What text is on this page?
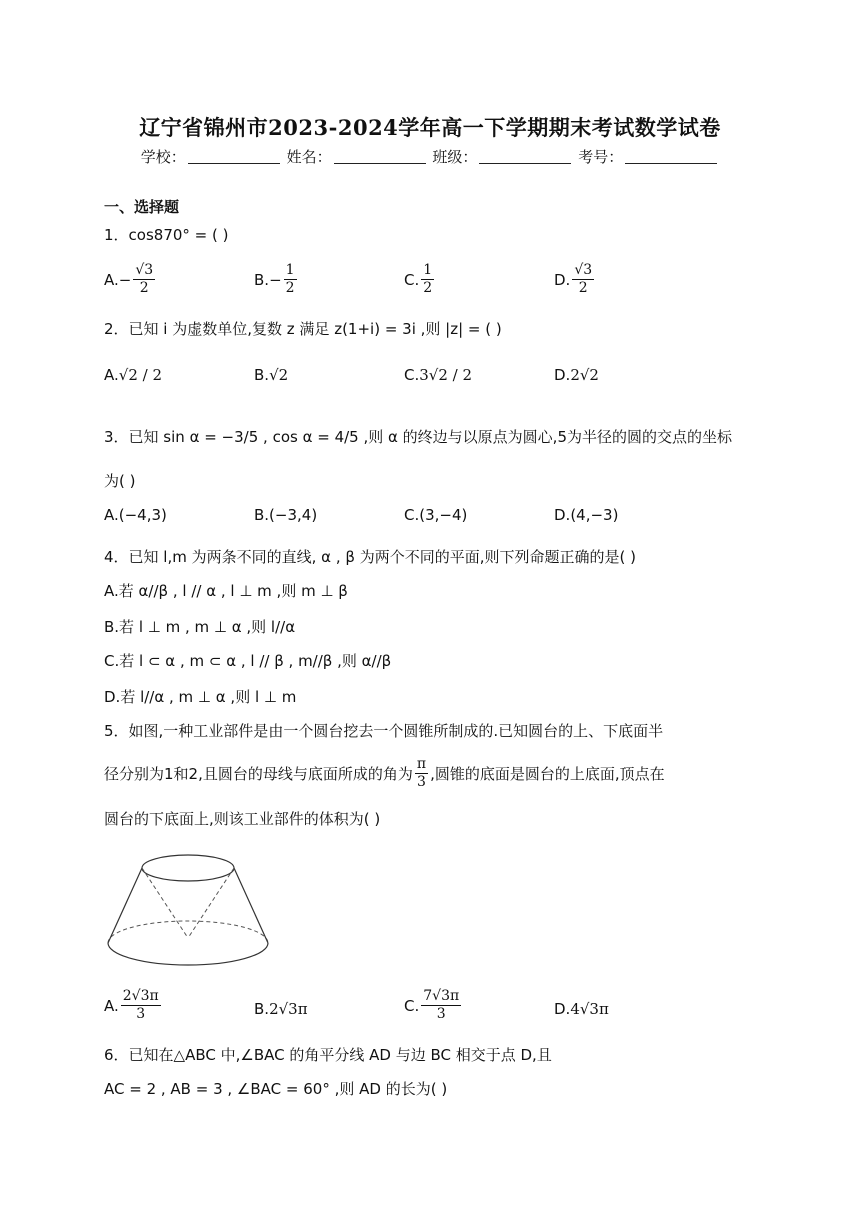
辽宁省锦州市2023-2024学年高一下学期期末考试数学试卷
学校：	姓名：	班级：	考号：
一、选择题
1．cos870° = ( )
A. − $\frac{√3}{2}$	B. − $\frac{1}{2}$	C. $\frac{1}{2}$	D. $\frac{√3}{2}$
2．已知 i 为虚数单位,复数 z 满足 z(1+i) = 3i ,则 |z| = ( )
A. √2 / 2	B. √2	C. 3√2 / 2	D. 2√2
3．已知 sin α = −3/5 , cos α = 4/5 ,则 α 的终边与以原点为圆心,5为半径的圆的交点的坐标
为( )
A.(−4,3)	B.(−3,4)	C.(3,−4)	D.(4,−3)
4．已知 l,m 为两条不同的直线, α , β 为两个不同的平面,则下列命题正确的是( )
A.若 α//β , l // α , l ⊥ m ,则 m ⊥ β
B.若 l ⊥ m , m ⊥ α ,则 l//α
C.若 l ⊂ α , m ⊂ α , l // β , m//β ,则 α//β
D.若 l//α , m ⊥ α ,则 l ⊥ m
5．如图,一种工业部件是由一个圆台挖去一个圆锥所制成的.已知圆台的上、下底面半
径分别为1和2,且圆台的母线与底面所成的角为 $\frac{\pi}{3}$ ,圆锥的底面是圆台的上底面,顶点在
圆台的下底面上,则该工业部件的体积为( )
A. $\frac{2√3\pi}{3}$	B. 2√3π	C. $\frac{7√3\pi}{3}$	D. 4√3π
6．已知在△ABC 中,∠BAC 的角平分线 AD 与边 BC 相交于点 D,且
AC = 2 , AB = 3 , ∠BAC = 60° ,则 AD 的长为( )
